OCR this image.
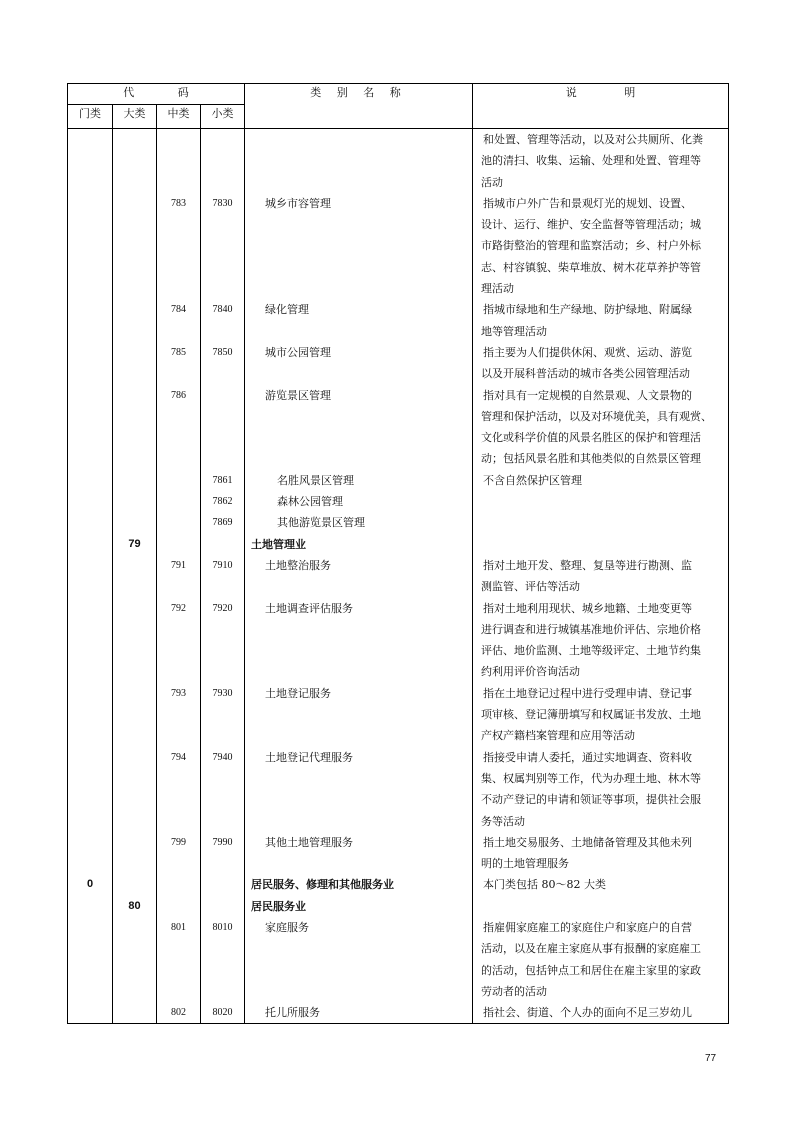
代 码				类 别 名 称	说 明
门类	大类	中类	小类		

					和处置、管理等活动，以及对公共厕所、化粪
池的清扫、收集、运输、处理和处置、管理等
活动

		783	7830	城乡市容管理	指城市户外广告和景观灯光的规划、设置、
设计、运行、维护、安全监督等管理活动；城
市路街整治的管理和监察活动；乡、村户外标
志、村容镇貌、柴草堆放、树木花草养护等管
理活动

		784	7840	绿化管理	指城市绿地和生产绿地、防护绿地、附属绿
地等管理活动

		785	7850	城市公园管理	指主要为人们提供休闲、观赏、运动、游览
以及开展科普活动的城市各类公园管理活动

		786		游览景区管理	指对具有一定规模的自然景观、人文景物的
管理和保护活动，以及对环境优美，具有观赏、
文化或科学价值的风景名胜区的保护和管理活
动；包括风景名胜和其他类似的自然景区管理

			7861	名胜风景区管理	不含自然保护区管理

			7862	森林公园管理	

			7869	其他游览景区管理	

	79			土地管理业	

		791	7910	土地整治服务	指对土地开发、整理、复垦等进行勘测、监
测监管、评估等活动

		792	7920	土地调查评估服务	指对土地利用现状、城乡地籍、土地变更等
进行调查和进行城镇基准地价评估、宗地价格
评估、地价监测、土地等级评定、土地节约集
约利用评价咨询活动

		793	7930	土地登记服务	指在土地登记过程中进行受理申请、登记事
项审核、登记簿册填写和权属证书发放、土地
产权产籍档案管理和应用等活动

		794	7940	土地登记代理服务	指接受申请人委托，通过实地调查、资料收
集、权属判别等工作，代为办理土地、林木等
不动产登记的申请和领证等事项，提供社会服
务等活动

		799	7990	其他土地管理服务	指土地交易服务、土地储备管理及其他未列
明的土地管理服务

0				居民服务、修理和其他服务业	本门类包括 80～82 大类

	80			居民服务业	

		801	8010	家庭服务	指雇佣家庭雇工的家庭住户和家庭户的自营
活动，以及在雇主家庭从事有报酬的家庭雇工
的活动，包括钟点工和居住在雇主家里的家政
劳动者的活动

		802	8020	托儿所服务	指社会、街道、个人办的面向不足三岁幼儿
77
